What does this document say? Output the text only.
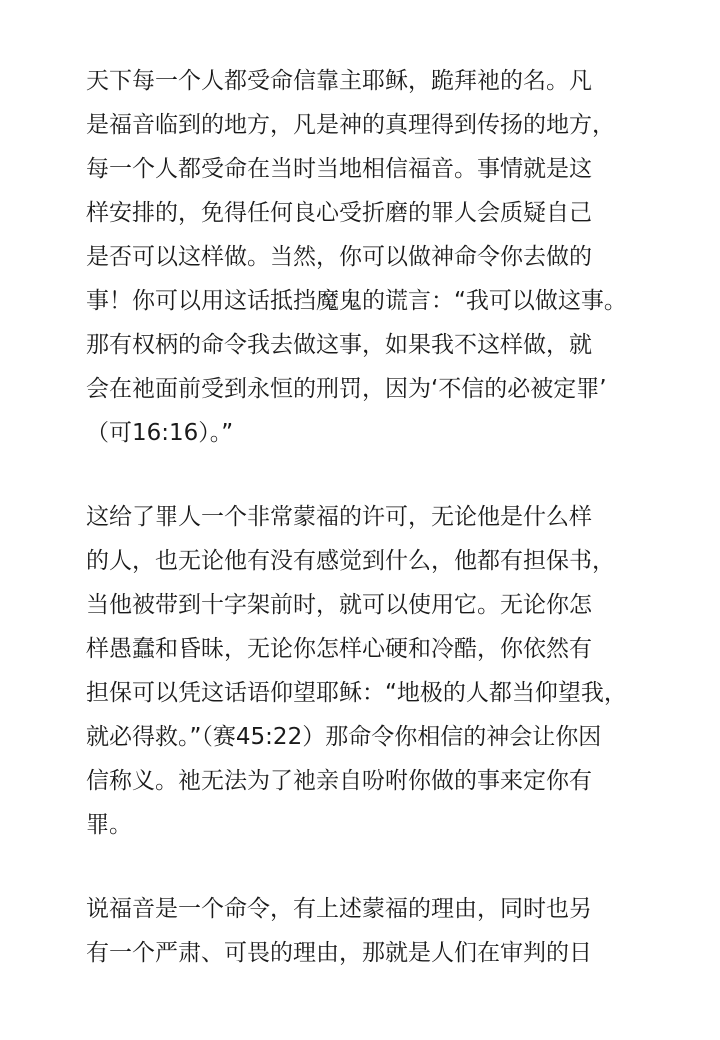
天下每一个人都受命信靠主耶稣，跪拜祂的名。凡
是福音临到的地方，凡是神的真理得到传扬的地方，
每一个人都受命在当时当地相信福音。事情就是这
样安排的，免得任何良心受折磨的罪人会质疑自己
是否可以这样做。当然，你可以做神命令你去做的
事！你可以用这话抵挡魔鬼的谎言：“我可以做这事。
那有权柄的命令我去做这事，如果我不这样做，就
会在祂面前受到永恒的刑罚，因为‘不信的必被定罪’
（可16:16）。”
这给了罪人一个非常蒙福的许可，无论他是什么样
的人，也无论他有没有感觉到什么，他都有担保书，
当他被带到十字架前时，就可以使用它。无论你怎
样愚蠢和昏昧，无论你怎样心硬和冷酷，你依然有
担保可以凭这话语仰望耶稣：“地极的人都当仰望我，
就必得救。”（赛45:22）那命令你相信的神会让你因
信称义。祂无法为了祂亲自吩咐你做的事来定你有
罪。
说福音是一个命令，有上述蒙福的理由，同时也另
有一个严肃、可畏的理由，那就是人们在审判的日
